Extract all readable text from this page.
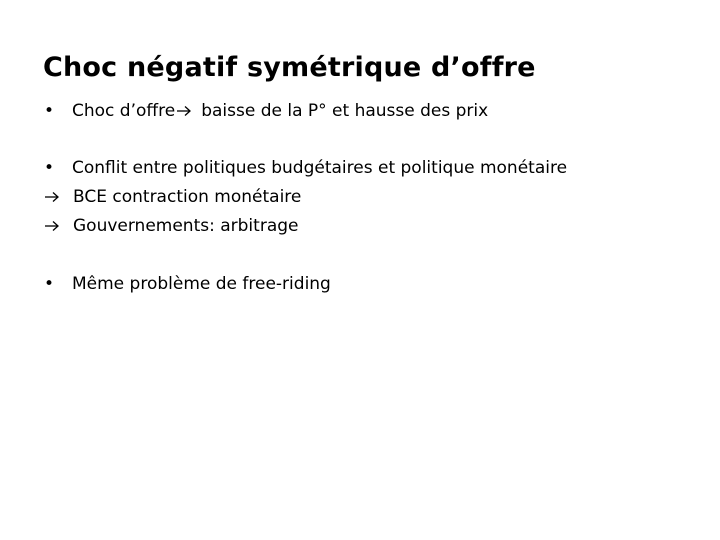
Choc négatif symétrique d’offre
•	Choc d’offre baisse de la P° et hausse des prix
•	Conflit entre politiques budgétaires et politique monétaire
BCE contraction monétaire
Gouvernements: arbitrage
•	Même problème de free-riding
